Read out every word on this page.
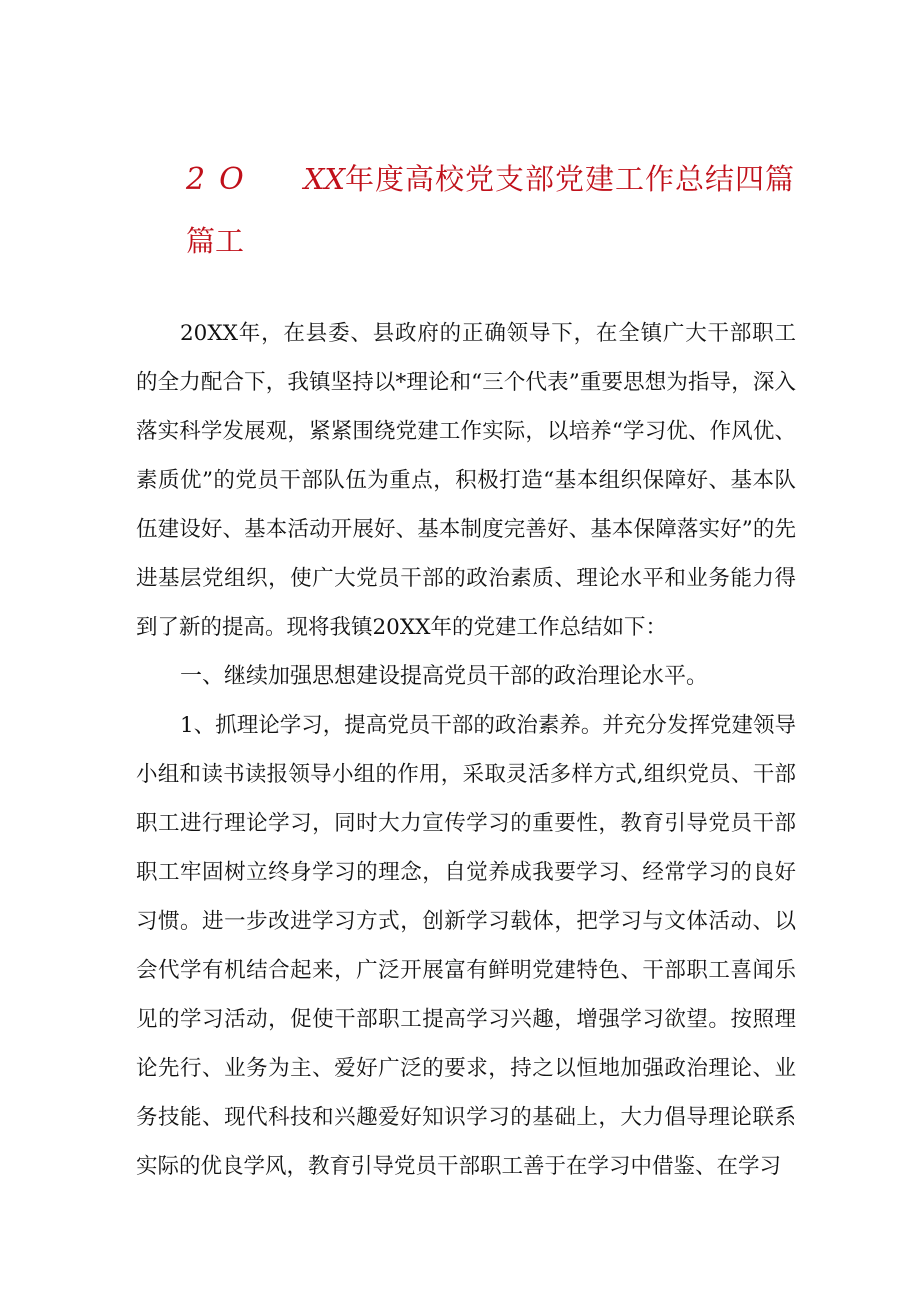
2O XX年度高校党支部党建工作总结四篇
篇工

20XX年，在县委、县政府的正确领导下，在全镇广大干部职工的全力配合下，我镇坚持以*理论和“三个代表”重要思想为指导，深入落实科学发展观，紧紧围绕党建工作实际，以培养“学习优、作风优、素质优”的党员干部队伍为重点，积极打造“基本组织保障好、基本队伍建设好、基本活动开展好、基本制度完善好、基本保障落实好”的先进基层党组织，使广大党员干部的政治素质、理论水平和业务能力得到了新的提高。现将我镇20XX年的党建工作总结如下：

一、继续加强思想建设提高党员干部的政治理论水平。

1、抓理论学习，提高党员干部的政治素养。并充分发挥党建领导小组和读书读报领导小组的作用，采取灵活多样方式,组织党员、干部职工进行理论学习，同时大力宣传学习的重要性，教育引导党员干部职工牢固树立终身学习的理念，自觉养成我要学习、经常学习的良好习惯。进一步改进学习方式，创新学习载体，把学习与文体活动、以会代学有机结合起来，广泛开展富有鲜明党建特色、干部职工喜闻乐见的学习活动，促使干部职工提高学习兴趣，增强学习欲望。按照理论先行、业务为主、爱好广泛的要求，持之以恒地加强政治理论、业务技能、现代科技和兴趣爱好知识学习的基础上，大力倡导理论联系实际的优良学风，教育引导党员干部职工善于在学习中借鉴、在学习
